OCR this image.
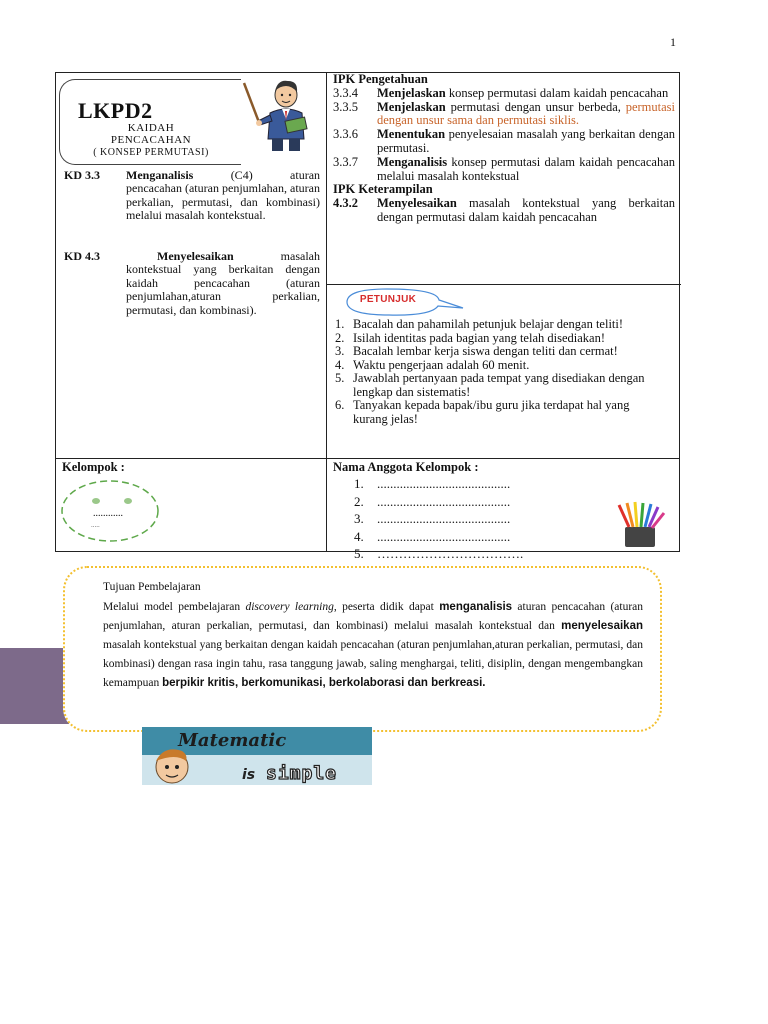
1
LKPD2
KAIDAH
PENCACAHAN
( KONSEP PERMUTASI)
KD 3.3 Menganalisis	(C4)	aturan
pencacahan (aturan penjumlahan, aturan perkalian, permutasi, dan kombinasi) melalui masalah kontekstual.
KD 4.3	Menyelesaikan	masalah
kontekstual yang berkaitan dengan kaidah pencacahan (aturan penjumlahan,aturan perkalian, permutasi, dan kombinasi).
IPK Pengetahuan
3.3.4 Menjelaskan konsep permutasi dalam kaidah pencacahan
3.3.5 Menjelaskan permutasi dengan unsur berbeda, permutasi dengan unsur sama dan permutasi siklis.
3.3.6 Menentukan penyelesaian masalah yang berkaitan dengan permutasi.
3.3.7 Menganalisis konsep permutasi dalam kaidah pencacahan melalui masalah kontekstual
IPK Keterampilan
4.3.2 Menyelesaikan masalah kontekstual yang berkaitan dengan permutasi dalam kaidah pencacahan
PETUNJUK
1. Bacalah dan pahamilah petunjuk belajar dengan teliti!
2. Isilah identitas pada bagian yang telah disediakan!
3. Bacalah lembar kerja siswa dengan teliti dan cermat!
4. Waktu pengerjaan adalah 60 menit.
5. Jawablah pertanyaan pada tempat yang disediakan dengan lengkap dan sistematis!
6. Tanyakan kepada bapak/ibu guru jika terdapat hal yang kurang jelas!
Kelompok :
............
.....
Nama Anggota Kelompok :
1. .........................................
2. .........................................
3. .........................................
4. .........................................
5. …………………………….
Tujuan Pembelajaran
Melalui model pembelajaran discovery learning, peserta didik dapat menganalisis aturan pencacahan (aturan penjumlahan, aturan perkalian, permutasi, dan kombinasi) melalui masalah kontekstual dan menyelesaikan masalah kontekstual yang berkaitan dengan kaidah pencacahan (aturan penjumlahan,aturan perkalian, permutasi, dan kombinasi) dengan rasa ingin tahu, rasa tanggung jawab, saling menghargai, teliti, disiplin, dengan mengembangkan kemampuan berpikir kritis, berkomunikasi, berkolaborasi dan berkreasi.
Matematic
is simple
